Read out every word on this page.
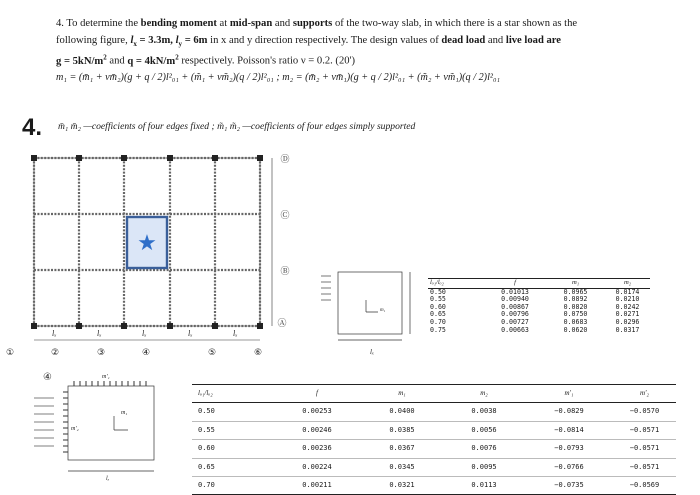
4. To determine the bending moment at mid-span and supports of the two-way slab, in which there is a star shown as the
following figure, $l_x = 3.3m$, $l_y = 6m$ in x and y direction respectively. The design values of dead load and live load are
$g = 5kN/m^2$ and $q = 4kN/m^2$ respectively. Poisson's ratio ν = 0.2. (20')
m₁ = (m̄₁ + νm̄₂)(g + q / 2)l²₀₁ + (m̃₁ + νm̃₂)(q / 2)l²₀₁ ; m₂ = (m̄₂ + νm̄₁)(g + q / 2)l²₀₁ + (m̃₂ + νm̃₁)(q / 2)l²₀₁
4. m̄₁ m̄₂ —coefficients of four edges fixed ; m̃₁ m̃₂ —coefficients of four edges simply supported
★
lₓ	lₓ	lₓ	lₓ	lₓ
①	②	③	④	⑤	⑥
Ⓓ
Ⓒ
Ⓑ
Ⓐ
lₓ
m₁
lₒ₁/lₒ₂	f	m₁	m₂
0.50	0.01013	0.0965	0.0174
0.55	0.00940	0.0892	0.0210
0.60	0.00867	0.0820	0.0242
0.65	0.00796	0.0750	0.0271
0.70	0.00727	0.0683	0.0296
0.75	0.00663	0.0620	0.0317
④	m'₁
m₁
m'₂
lₓ
lₒ₁/lₒ₂	f	m₁	m₂	m'₁	m'₂
0.50	0.00253	0.0400	0.0038	−0.0829	−0.0570
0.55	0.00246	0.0385	0.0056	−0.0814	−0.0571
0.60	0.00236	0.0367	0.0076	−0.0793	−0.0571
0.65	0.00224	0.0345	0.0095	−0.0766	−0.0571
0.70	0.00211	0.0321	0.0113	−0.0735	−0.0569
